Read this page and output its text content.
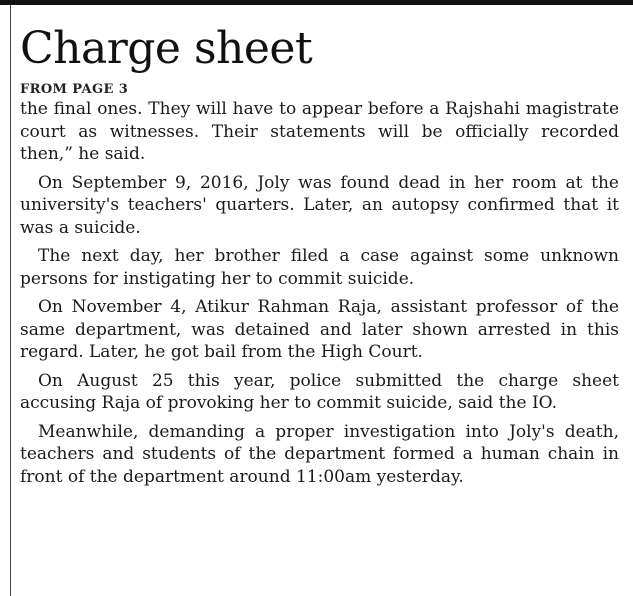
Charge sheet

FROM PAGE 3

the final ones. They will have to appear before a Rajshahi magistrate court as witnesses. Their statements will be officially recorded then,” he said.

On September 9, 2016, Joly was found dead in her room at the university's teachers' quarters. Later, an autopsy confirmed that it was a suicide.

The next day, her brother filed a case against some unknown persons for instigating her to commit suicide.

On November 4, Atikur Rahman Raja, assistant professor of the same department, was detained and later shown arrested in this regard. Later, he got bail from the High Court.

On August 25 this year, police submitted the charge sheet accusing Raja of provoking her to commit suicide, said the IO.

Meanwhile, demanding a proper investigation into Joly's death, teachers and students of the department formed a human chain in front of the department around 11:00am yesterday.
